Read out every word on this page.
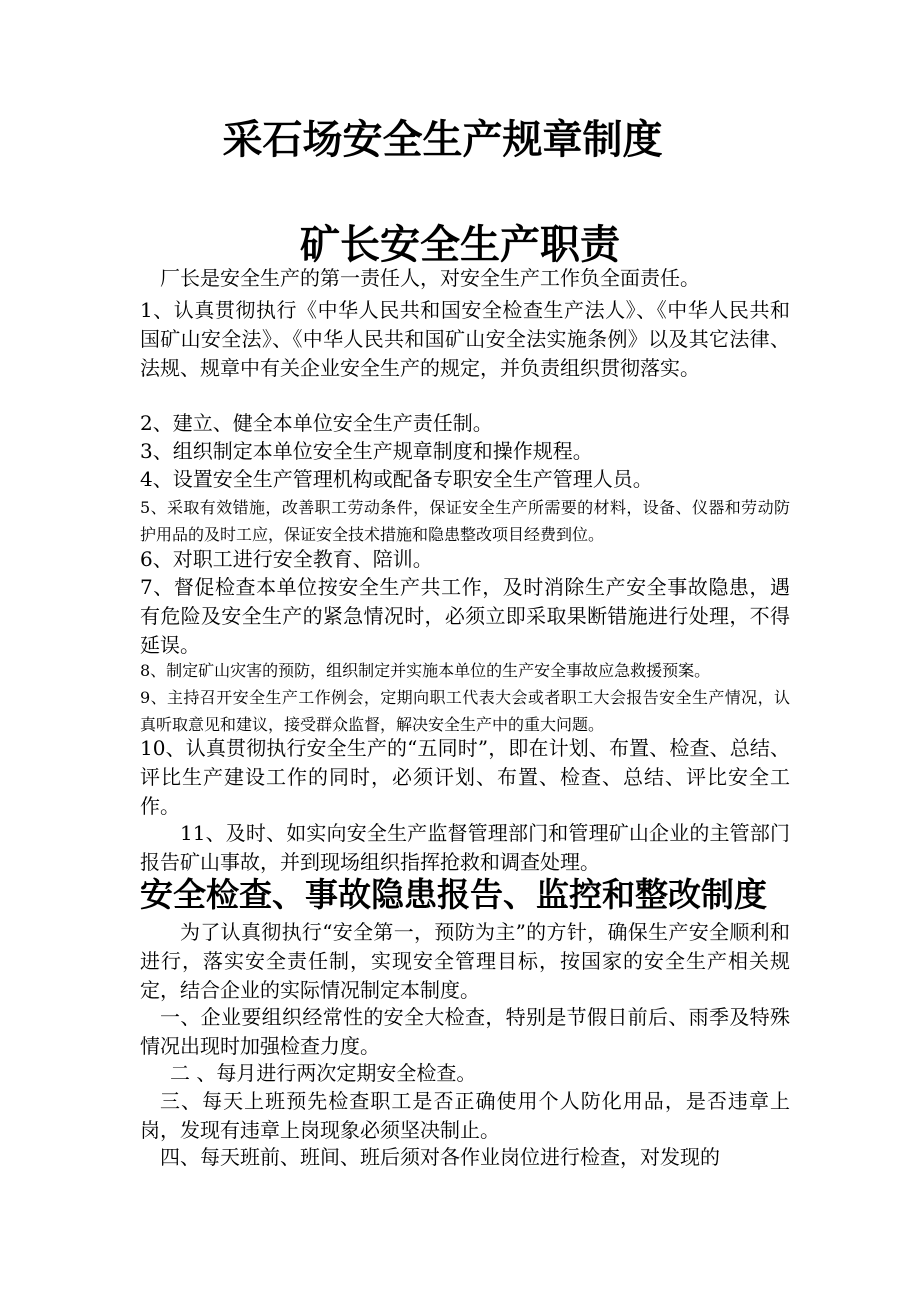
采石场安全生产规章制度
矿长安全生产职责

厂长是安全生产的第一责任人，对安全生产工作负全面责任。

1、认真贯彻执行《中华人民共和国安全检查生产法人》、《中华人民共和国矿山安全法》、《中华人民共和国矿山安全法实施条例》以及其它法律、法规、规章中有关企业安全生产的规定，并负责组织贯彻落实。

2、建立、健全本单位安全生产责任制。

3、组织制定本单位安全生产规章制度和操作规程。

4、设置安全生产管理机构或配备专职安全生产管理人员。

5、采取有效错施，改善职工劳动条件，保证安全生产所需要的材料，设备、仪器和劳动防护用品的及时工应，保证安全技术措施和隐患整改项目经费到位。

6、对职工进行安全教育、陪训。

7、督促检查本单位按安全生产共工作，及时消除生产安全事故隐患，遇有危险及安全生产的紧急情况时，必须立即采取果断错施进行处理，不得延误。

8、制定矿山灾害的预防，组织制定并实施本单位的生产安全事故应急救援预案。

9、主持召开安全生产工作例会，定期向职工代表大会或者职工大会报告安全生产情况，认真听取意见和建议，接受群众监督，解决安全生产中的重大问题。

10、认真贯彻执行安全生产的“五同时”，即在计划、布置、检查、总结、评比生产建设工作的同时，必须讦划、布置、检查、总结、评比安全工作。

11、及时、如实向安全生产监督管理部门和管理矿山企业的主管部门报告矿山事故，并到现场组织指挥抢救和调查处理。

安全检查、事故隐患报告、监控和整改制度

为了认真彻执行“安全第一，预防为主”的方针，确保生产安全顺利和进行，落实安全责任制，实现安全管理目标，按国家的安全生产相关规定，结合企业的实际情况制定本制度。

一、企业要组织经常性的安全大检查，特别是节假日前后、雨季及特殊情况出现时加强检查力度。

二 、每月进行两次定期安全检查。

三、每天上班预先检查职工是否正确使用个人防化用品，是否违章上岗，发现有违章上岗现象必须坚决制止。

四、每天班前、班间、班后须对各作业岗位进行检查，对发现的
